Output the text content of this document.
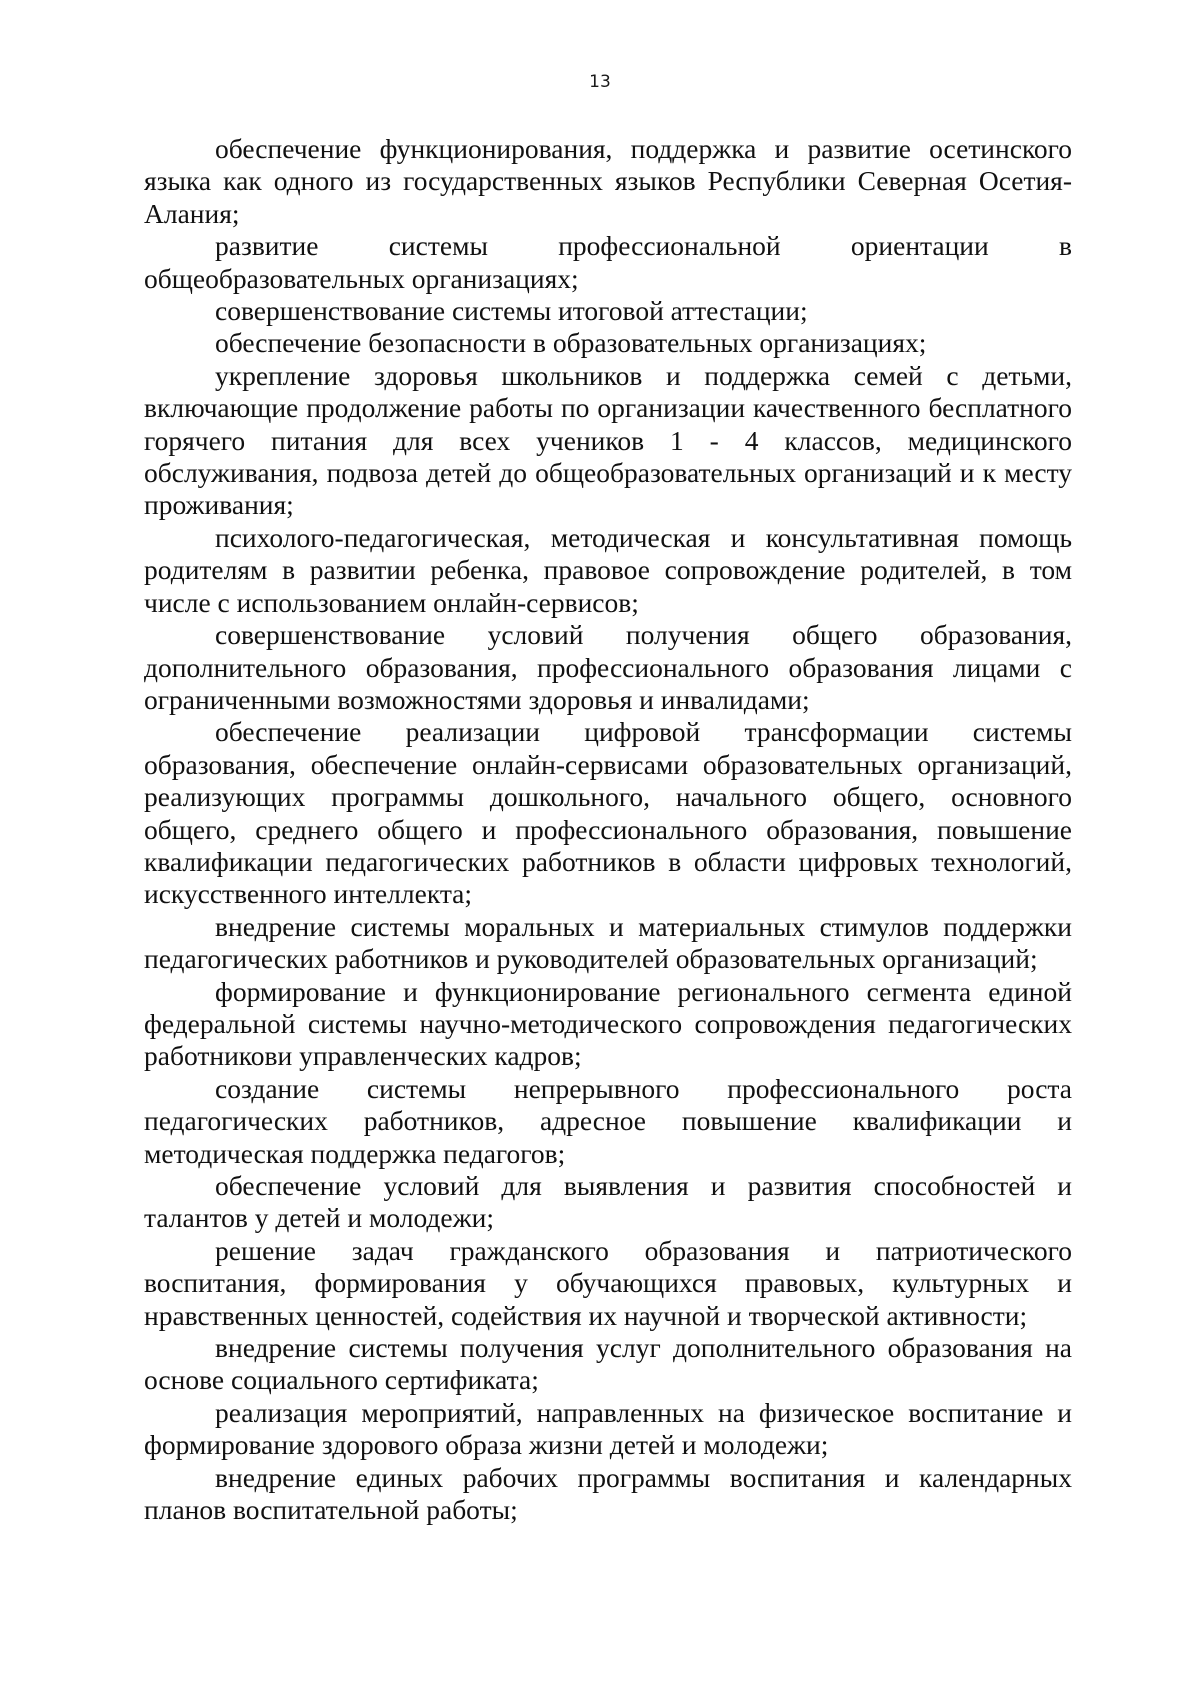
13

обеспечение функционирования, поддержка и развитие осетинского языка как одного из государственных языков Республики Северная Осетия-Алания;

развитие системы профессиональной ориентации в общеобразовательных организациях;

совершенствование системы итоговой аттестации;

обеспечение безопасности в образовательных организациях;

укрепление здоровья школьников и поддержка семей с детьми, включающие продолжение работы по организации качественного бесплатного горячего питания для всех учеников 1 - 4 классов, медицинского обслуживания, подвоза детей до общеобразовательных организаций и к месту проживания;

психолого-педагогическая, методическая и консультативная помощь родителям в развитии ребенка, правовое сопровождение родителей, в том числе с использованием онлайн-сервисов;

совершенствование условий получения общего образования, дополнительного образования, профессионального образования лицами с ограниченными возможностями здоровья и инвалидами;

обеспечение реализации цифровой трансформации системы образования, обеспечение онлайн-сервисами образовательных организаций, реализующих программы дошкольного, начального общего, основного общего, среднего общего и профессионального образования, повышение квалификации педагогических работников в области цифровых технологий, искусственного интеллекта;

внедрение системы моральных и материальных стимулов поддержки педагогических работников и руководителей образовательных организаций;

формирование и функционирование регионального сегмента единой федеральной системы научно-методического сопровождения педагогических работникови управленческих кадров;

создание системы непрерывного профессионального роста педагогических работников, адресное повышение квалификации и методическая поддержка педагогов;

обеспечение условий для выявления и развития способностей и талантов у детей и молодежи;

решение задач гражданского образования и патриотического воспитания, формирования у обучающихся правовых, культурных и нравственных ценностей, содействия их научной и творческой активности;

внедрение системы получения услуг дополнительного образования на основе социального сертификата;

реализация мероприятий, направленных на физическое воспитание и формирование здорового образа жизни детей и молодежи;

внедрение единых рабочих программы воспитания и календарных планов воспитательной работы;
